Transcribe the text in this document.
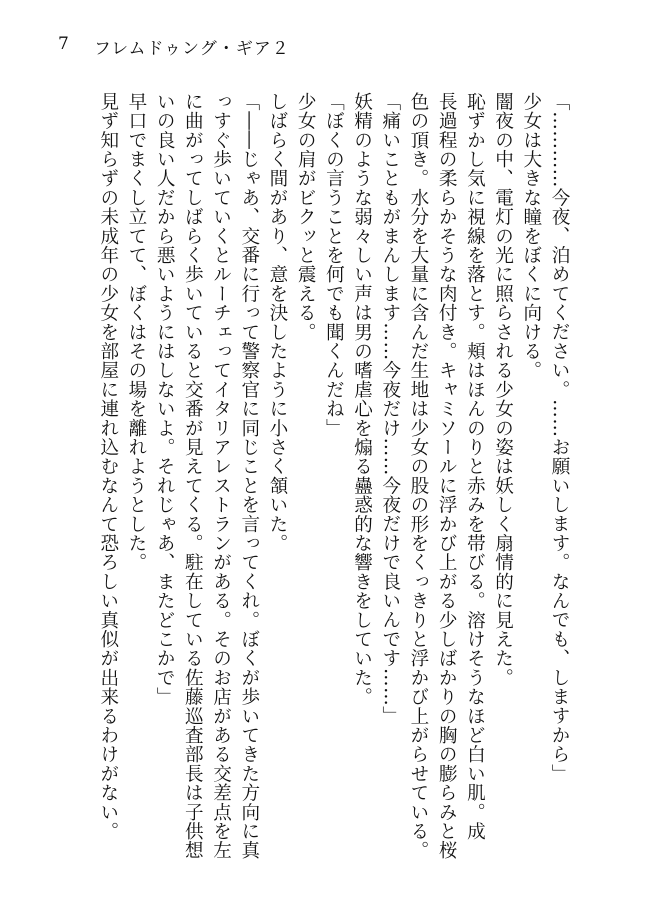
7 フレムドゥング・ギア２

「…………今夜、泊めてください。……お願いします。なんでも、しますから」

少女は大きな瞳をぼくに向ける。

闇夜の中、電灯の光に照らされる少女の姿は妖しく扇情的に見えた。

恥ずかし気に視線を落とす。頬はほんのりと赤みを帯びる。溶けそうなほど白い肌。成

長過程の柔らかそうな肉付き。キャミソールに浮かび上がる少しばかりの胸の膨らみと桜

色の頂き。水分を大量に含んだ生地は少女の股の形をくっきりと浮かび上がらせている。

「痛いこともがまんします……今夜だけ……今夜だけで良いんです……」

妖精のような弱々しい声は男の嗜虐心を煽る蠱惑的な響きをしていた。

「ぼくの言うことを何でも聞くんだね」

少女の肩がビクッと震える。

しばらく間があり、意を決したように小さく頷いた。

「――じゃあ、交番に行って警察官に同じことを言ってくれ。ぼくが歩いてきた方向に真

っすぐ歩いていくとルーチェってイタリアレストランがある。そのお店がある交差点を左

に曲がってしばらく歩いていると交番が見えてくる。駐在している佐藤巡査部長は子供想

いの良い人だから悪いようにはしないよ。それじゃあ、またどこかで」

早口でまくし立てて、ぼくはその場を離れようとした。

見ず知らずの未成年の少女を部屋に連れ込むなんて恐ろしい真似が出来るわけがない。
